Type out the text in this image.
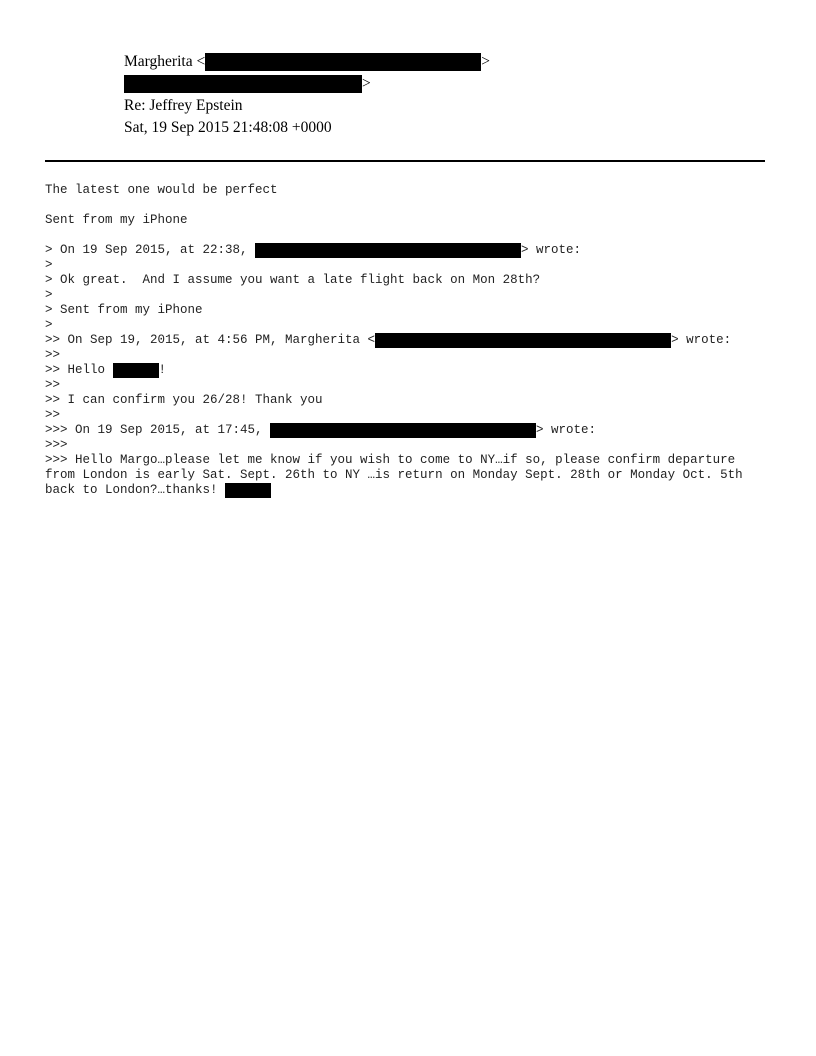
Margherita <	>
>
Re: Jeffrey Epstein
Sat, 19 Sep 2015 21:48:08 +0000
The latest one would be perfect
Sent from my iPhone
> On 19 Sep 2015, at 22:38,	> wrote:
>
> Ok great.  And I assume you want a late flight back on Mon 28th?
>
> Sent from my iPhone
>
>> On Sep 19, 2015, at 4:56 PM, Margherita <	> wrote:
>>
>> Hello	!
>>
>> I can confirm you 26/28! Thank you
>>
>>> On 19 Sep 2015, at 17:45,	> wrote:
>>>
>>> Hello Margo…please let me know if you wish to come to NY…if so, please confirm departure
from London is early Sat. Sept. 26th to NY …is return on Monday Sept. 28th or Monday Oct. 5th
back to London?…thanks!
